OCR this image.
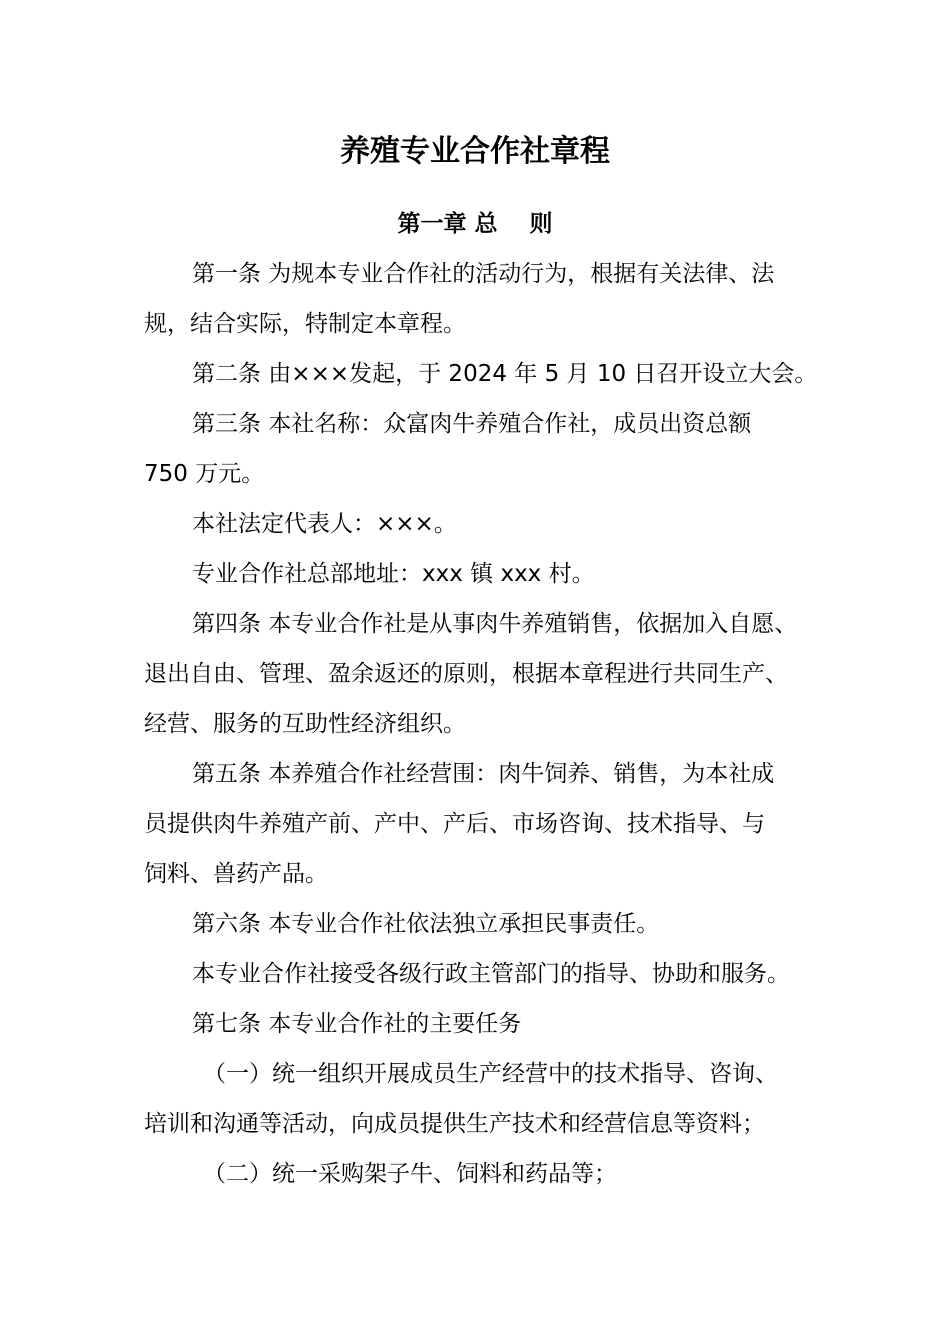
养殖专业合作社章程
第一章 总    则
第一条 为规本专业合作社的活动行为，根据有关法律、法
规，结合实际，特制定本章程。
第二条 由×××发起，于 2024 年 5 月 10 日召开设立大会。
第三条 本社名称：众富肉牛养殖合作社，成员出资总额
750 万元。
本社法定代表人：×××。
专业合作社总部地址：xxx 镇 xxx 村。
第四条 本专业合作社是从事肉牛养殖销售，依据加入自愿、
退出自由、管理、盈余返还的原则，根据本章程进行共同生产、
经营、服务的互助性经济组织。
第五条 本养殖合作社经营围：肉牛饲养、销售，为本社成
员提供肉牛养殖产前、产中、产后、市场咨询、技术指导、与
饲料、兽药产品。
第六条 本专业合作社依法独立承担民事责任。
本专业合作社接受各级行政主管部门的指导、协助和服务。
第七条 本专业合作社的主要任务
（一）统一组织开展成员生产经营中的技术指导、咨询、
培训和沟通等活动，向成员提供生产技术和经营信息等资料；
（二）统一采购架子牛、饲料和药品等；
